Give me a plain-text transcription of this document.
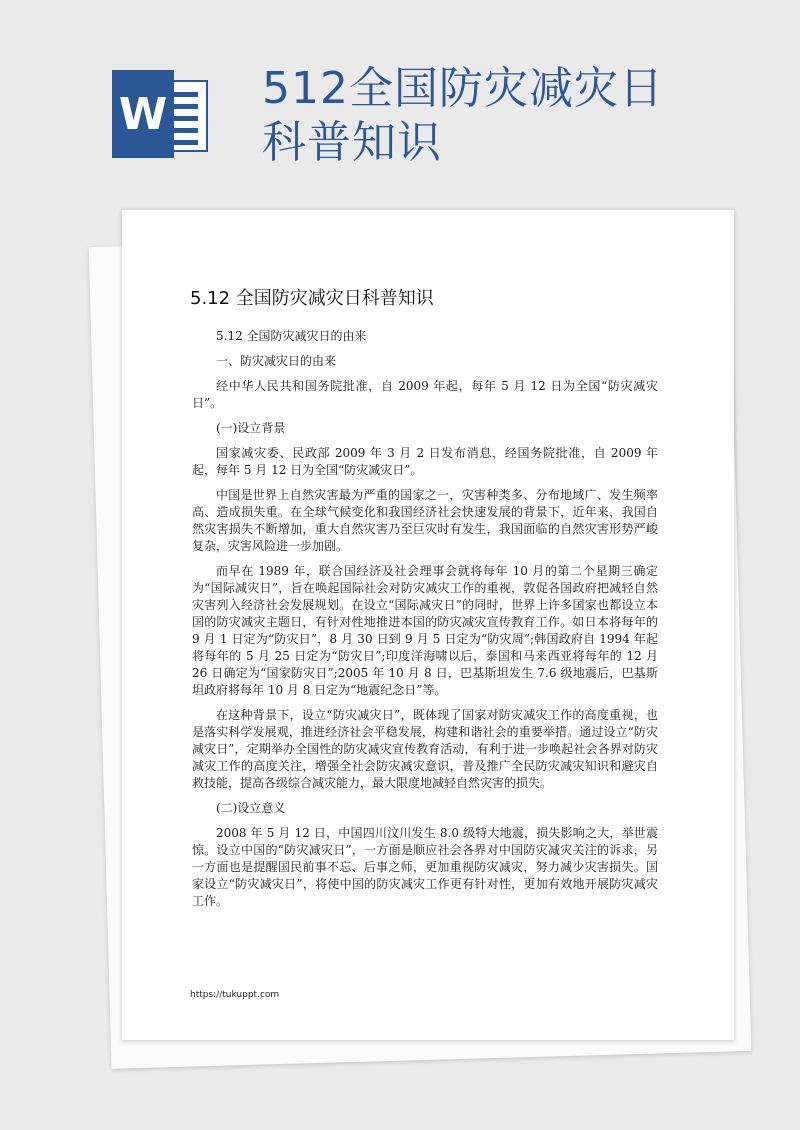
W 512全国防灾减灾日科普知识
5.12 全国防灾减灾日科普知识

5.12 全国防灾减灾日的由来

一、防灾减灾日的由来

经中华人民共和国务院批准，自 2009 年起，每年 5 月 12 日为全国“防灾减灾日”。

(一)设立背景

国家减灾委、民政部 2009 年 3 月 2 日发布消息，经国务院批准，自 2009 年起，每年 5 月 12 日为全国“防灾减灾日”。

中国是世界上自然灾害最为严重的国家之一，灾害种类多、分布地域广、发生频率高、造成损失重。在全球气候变化和我国经济社会快速发展的背景下，近年来，我国自然灾害损失不断增加，重大自然灾害乃至巨灾时有发生，我国面临的自然灾害形势严峻复杂，灾害风险进一步加剧。

而早在 1989 年，联合国经济及社会理事会就将每年 10 月的第二个星期三确定为“国际减灾日”，旨在唤起国际社会对防灾减灾工作的重视，敦促各国政府把减轻自然灾害列入经济社会发展规划。在设立“国际减灾日”的同时，世界上许多国家也都设立本国的防灾减灾主题日，有针对性地推进本国的防灾减灾宣传教育工作。如日本将每年的 9 月 1 日定为“防灾日”，8 月 30 日到 9 月 5 日定为“防灾周”;韩国政府自 1994 年起将每年的 5 月 25 日定为“防灾日”;印度洋海啸以后，泰国和马来西亚将每年的 12 月 26 日确定为“国家防灾日”;2005 年 10 月 8 日，巴基斯坦发生 7.6 级地震后，巴基斯坦政府将每年 10 月 8 日定为“地震纪念日”等。

在这种背景下，设立“防灾减灾日”，既体现了国家对防灾减灾工作的高度重视，也是落实科学发展观，推进经济社会平稳发展，构建和谐社会的重要举措。通过设立“防灾减灾日”，定期举办全国性的防灾减灾宣传教育活动，有利于进一步唤起社会各界对防灾减灾工作的高度关注，增强全社会防灾减灾意识，普及推广全民防灾减灾知识和避灾自救技能，提高各级综合减灾能力，最大限度地减轻自然灾害的损失。

(二)设立意义

2008 年 5 月 12 日，中国四川汶川发生 8.0 级特大地震，损失影响之大，举世震惊。设立中国的“防灾减灾日”，一方面是顺应社会各界对中国防灾减灾关注的诉求，另一方面也是提醒国民前事不忘、后事之师，更加重视防灾减灾，努力减少灾害损失。国家设立“防灾减灾日”，将使中国的防灾减灾工作更有针对性，更加有效地开展防灾减灾工作。

https://tukuppt.com
